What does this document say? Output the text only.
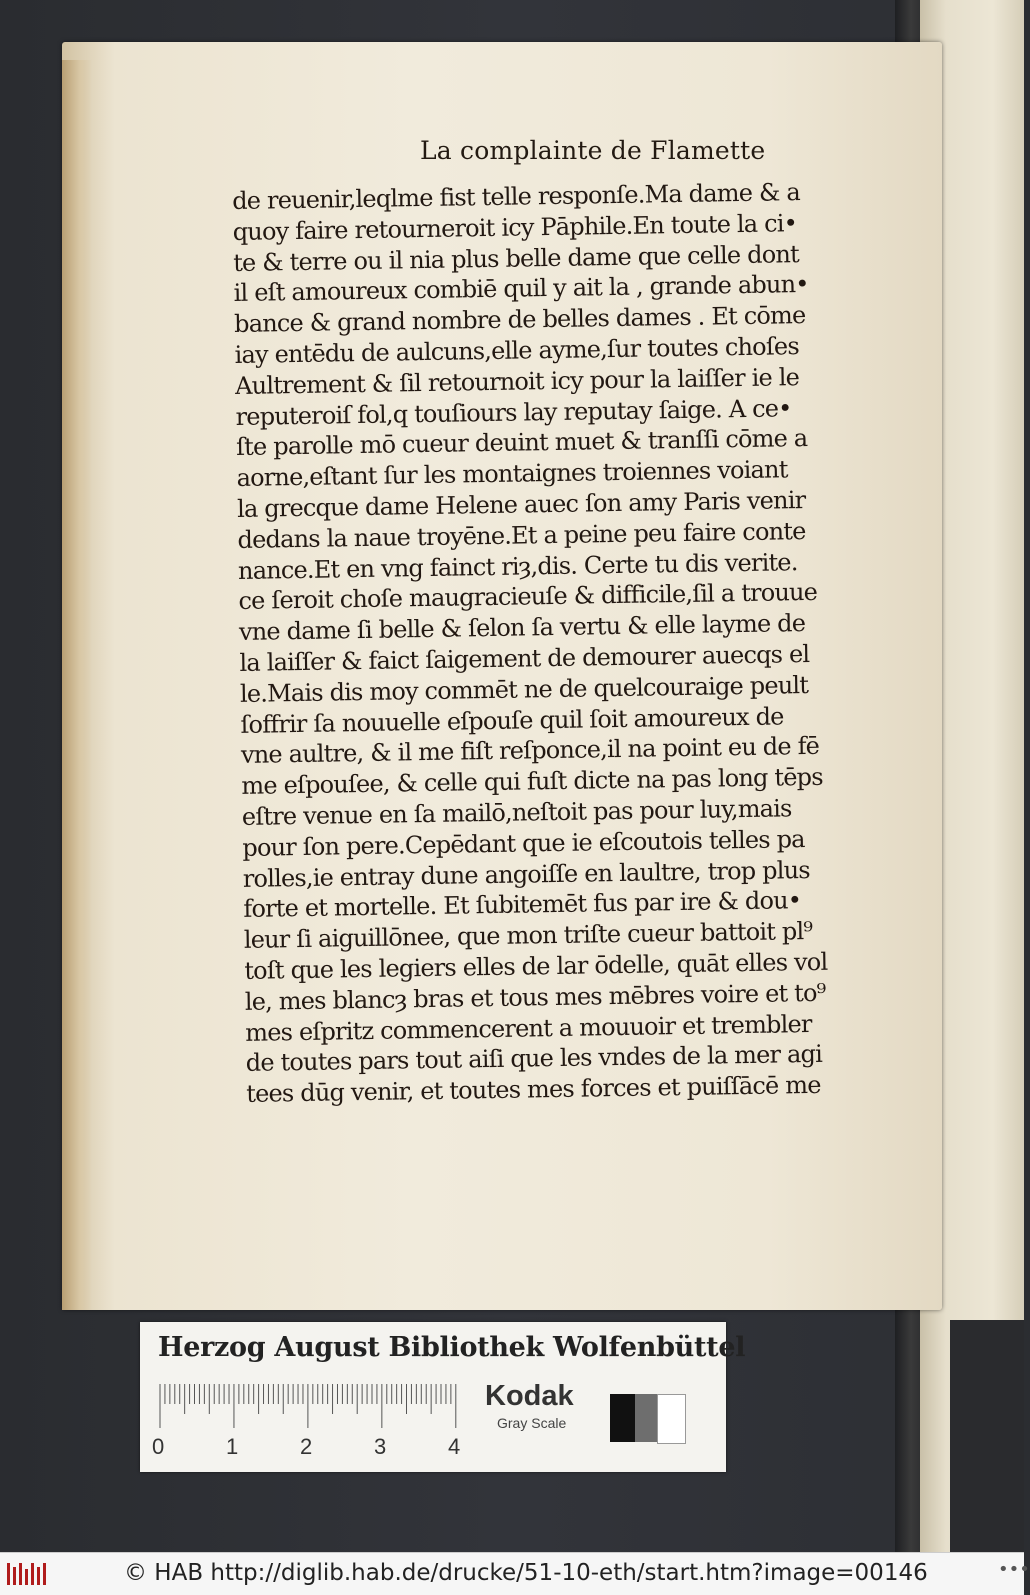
La complainte de Flamette
de reuenir,leqlme fist telle responſe.Ma dame & a
quoy faire retourneroit icy Pāphile.En toute la ci•
te & terre ou il nia plus belle dame que celle dont
il eſt amoureux combiē quil y ait la , grande abun•
bance & grand nombre de belles dames . Et cōme
iay entēdu de aulcuns,elle ayme,ſur toutes choſes
Aultrement & ſil retournoit icy pour la laiſſer ie le
reputeroiſ fol,q touſiours lay reputay ſaige. A ce•
ſte parolle mō cueur deuint muet & tranſſi cōme a
aorne,eſtant ſur les montaignes troiennes voiant
la grecque dame Helene auec ſon amy Paris venir
dedans la naue troyēne.Et a peine peu faire conte
nance.Et en vng fainct riȝ,dis. Certe tu dis verite.
ce ſeroit choſe maugracieuſe & difficile,ſil a trouue
vne dame ſi belle & ſelon ſa vertu & elle layme de
la laiſſer & faict ſaigement de demourer auecqs el
le.Mais dis moy commēt ne de quelcouraige peult
ſoffrir ſa nouuelle eſpouſe quil ſoit amoureux de
vne aultre, & il me fiſt reſponce,il na point eu de fē
me eſpouſee, & celle qui fuſt dicte na pas long tēps
eſtre venue en ſa mailō,neſtoit pas pour luy,mais
pour ſon pere.Cepēdant que ie eſcoutois telles pa
rolles,ie entray dune angoiſſe en laultre, trop plus
forte et mortelle. Et ſubitemēt fus par ire & dou•
leur ſi aiguillōnee, que mon triſte cueur battoit pl⁹
toſt que les legiers elles de lar ōdelle, quāt elles vol
le, mes blancȝ bras et tous mes mēbres voire et to⁹
mes eſpritz commencerent a mouuoir et trembler
de toutes pars tout aiſi que les vndes de la mer agi
tees dūg venir, et toutes mes forces et puiſſācē me
Herzog August Bibliothek Wolfenbüttel
0	1	2	3	4
Kodak
Gray Scale
© HAB http://diglib.hab.de/drucke/51-10-eth/start.htm?image=00146	•••
